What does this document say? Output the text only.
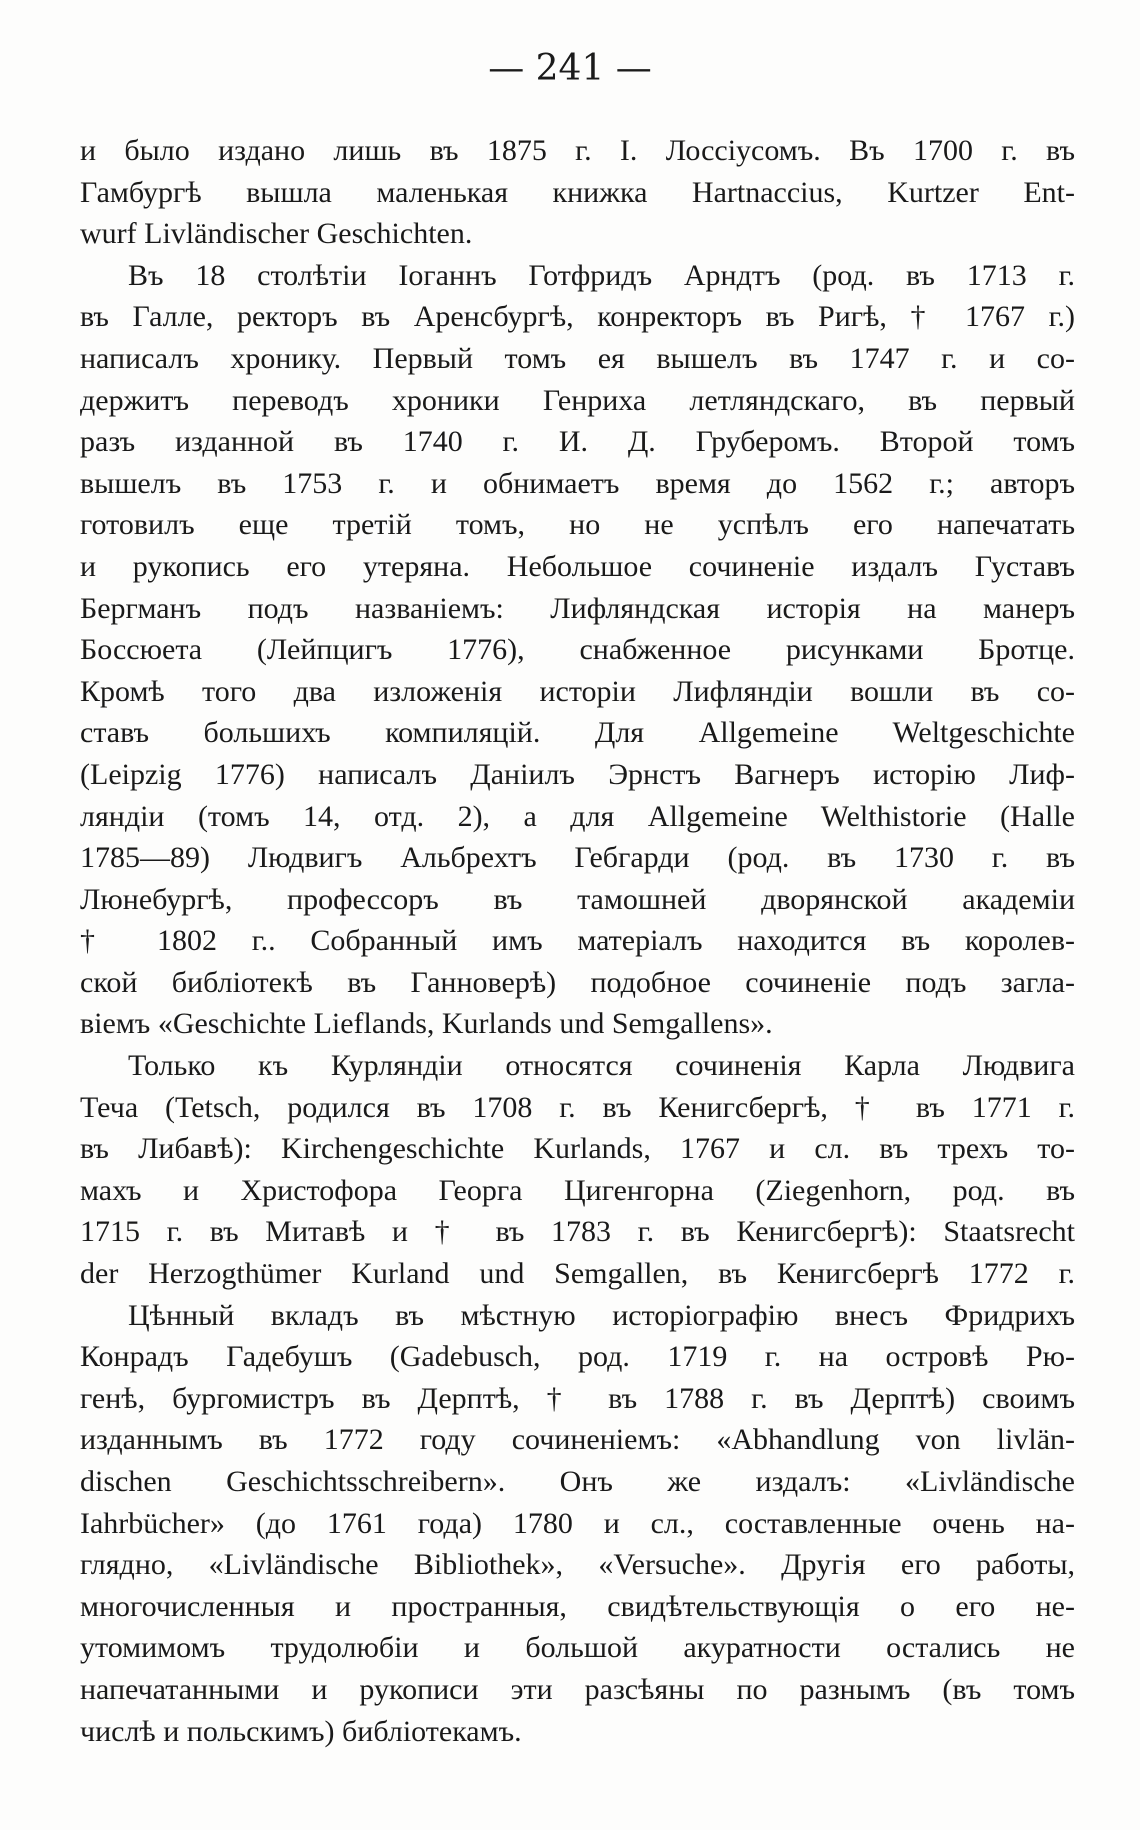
— 241 —
и было издано лишь въ 1875 г. І. Лоссіусомъ. Въ 1700 г. въ
Гамбургѣ вышла маленькая книжка Hartnaccius, Kurtzer Ent-
wurf Livländischer Geschichten.
Въ 18 столѣтіи Іоганнъ Готфридъ Арндтъ (род. въ 1713 г.
въ Галле, ректоръ въ Аренсбургѣ, конректоръ въ Ригѣ, † 1767 г.)
написалъ хронику. Первый томъ ея вышелъ въ 1747 г. и со-
держитъ переводъ хроники Генриха летляндскаго, въ первый
разъ изданной въ 1740 г. И. Д. Груберомъ. Второй томъ
вышелъ въ 1753 г. и обнимаетъ время до 1562 г.; авторъ
готовилъ еще третій томъ, но не успѣлъ его напечатать
и рукопись его утеряна. Небольшое сочиненіе издалъ Густавъ
Бергманъ подъ названіемъ: Лифляндская исторія на манеръ
Боссюета (Лейпцигъ 1776), снабженное рисунками Бротце.
Кромѣ того два изложенія исторіи Лифляндіи вошли въ со-
ставъ большихъ компиляцій. Для Allgemeine Weltgeschichte
(Leipzig 1776) написалъ Даніилъ Эрнстъ Вагнеръ исторію Лиф-
ляндіи (томъ 14, отд. 2), а для Allgemeine Welthistorie (Halle
1785—89) Людвигъ Альбрехтъ Гебгарди (род. въ 1730 г. въ
Люнебургѣ, профессоръ въ тамошней дворянской академіи
† 1802 г.. Собранный имъ матеріалъ находится въ королев-
ской библіотекѣ въ Ганноверѣ) подобное сочиненіе подъ загла-
віемъ «Geschichte Lieflands, Kurlands und Semgallens».
Только къ Курляндіи относятся сочиненія Карла Людвига
Теча (Tetsch, родился въ 1708 г. въ Кенигсбергѣ, † въ 1771 г.
въ Либавѣ): Kirchengeschichte Kurlands, 1767 и сл. въ трехъ то-
махъ и Христофора Георга Цигенгорна (Ziegenhorn, род. въ
1715 г. въ Митавѣ и † въ 1783 г. въ Кенигсбергѣ): Staatsrecht
der Herzogthümer Kurland und Semgallen, въ Кенигсбергѣ 1772 г.
Цѣнный вкладъ въ мѣстную исторіографію внесъ Фридрихъ
Конрадъ Гадебушъ (Gadebusch, род. 1719 г. на островѣ Рю-
генѣ, бургомистръ въ Дерптѣ, † въ 1788 г. въ Дерптѣ) своимъ
изданнымъ въ 1772 году сочиненіемъ: «Abhandlung von livlän-
dischen Geschichtsschreibern». Онъ же издалъ: «Livländische
Iahrbücher» (до 1761 года) 1780 и сл., составленные очень на-
глядно, «Livländische Bibliothek», «Versuche». Другія его работы,
многочисленныя и пространныя, свидѣтельствующія о его не-
утомимомъ трудолюбіи и большой акуратности остались не
напечатанными и рукописи эти разсѣяны по разнымъ (въ томъ
числѣ и польскимъ) библіотекамъ.
